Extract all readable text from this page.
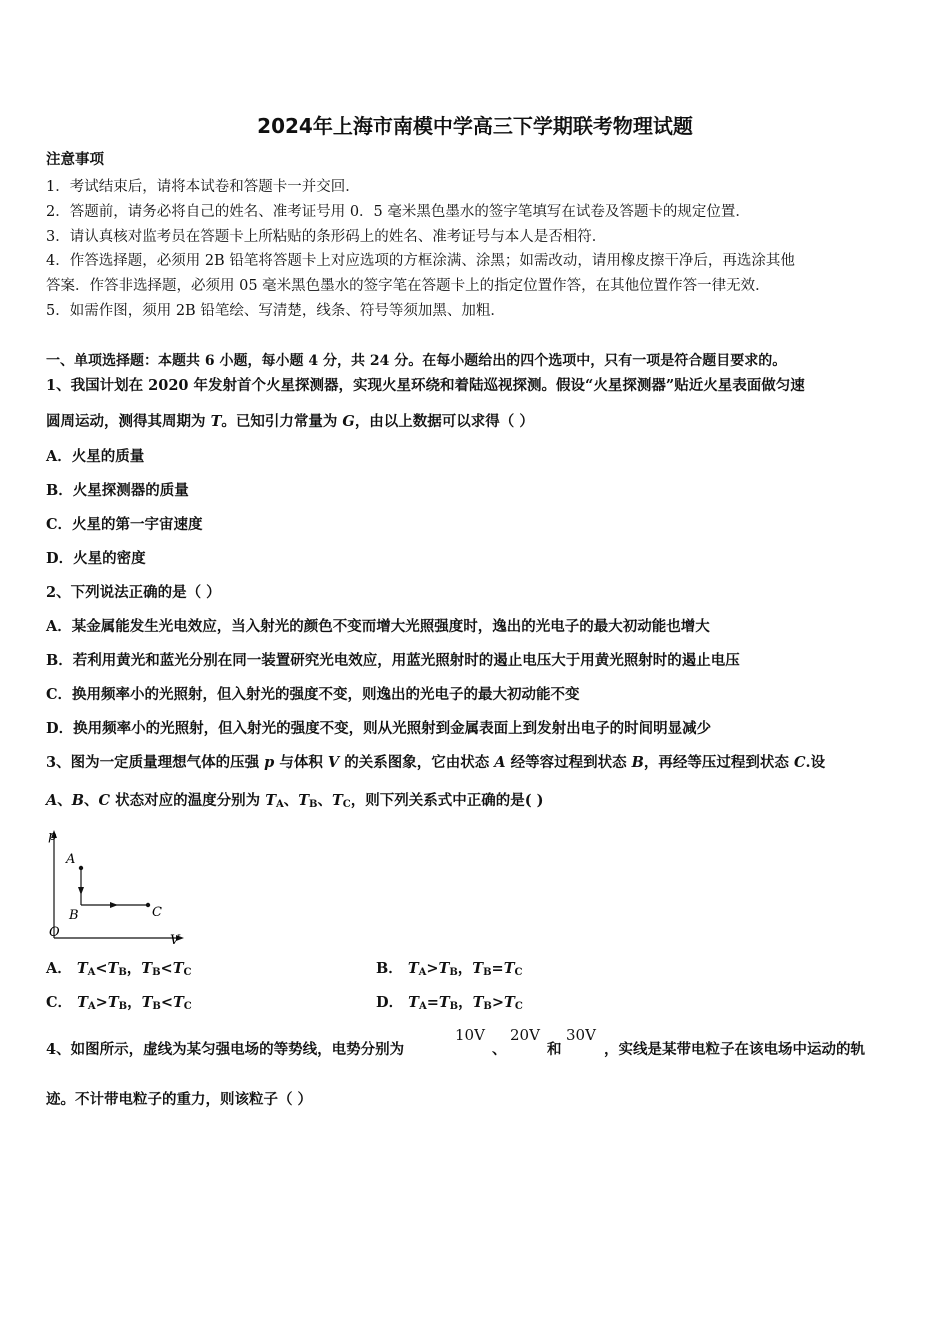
2024年上海市南模中学高三下学期联考物理试题
注意事项
1．考试结束后，请将本试卷和答题卡一并交回．
2．答题前，请务必将自己的姓名、准考证号用 0．5 毫米黑色墨水的签字笔填写在试卷及答题卡的规定位置．
3．请认真核对监考员在答题卡上所粘贴的条形码上的姓名、准考证号与本人是否相符．
4．作答选择题，必须用 2B 铅笔将答题卡上对应选项的方框涂满、涂黑；如需改动，请用橡皮擦干净后，再选涂其他
答案．作答非选择题，必须用 05 毫米黑色墨水的签字笔在答题卡上的指定位置作答，在其他位置作答一律无效．
5．如需作图，须用 2B 铅笔绘、写清楚，线条、符号等须加黑、加粗．
一、单项选择题：本题共 6 小题，每小题 4 分，共 24 分。在每小题给出的四个选项中，只有一项是符合题目要求的。
1、我国计划在 2020 年发射首个火星探测器，实现火星环绕和着陆巡视探测。假设“火星探测器”贴近火星表面做匀速
圆周运动，测得其周期为 T。已知引力常量为 G，由以上数据可以求得（ ）
A．火星的质量
B．火星探测器的质量
C．火星的第一宇宙速度
D．火星的密度
2、下列说法正确的是（ ）
A．某金属能发生光电效应，当入射光的颜色不变而增大光照强度时，逸出的光电子的最大初动能也增大
B．若利用黄光和蓝光分别在同一装置研究光电效应，用蓝光照射时的遏止电压大于用黄光照射时的遏止电压
C．换用频率小的光照射，但入射光的强度不变，则逸出的光电子的最大初动能不变
D．换用频率小的光照射，但入射光的强度不变，则从光照射到金属表面上到发射出电子的时间明显减少
3、图为一定质量理想气体的压强 p 与体积 V 的关系图象，它由状态 A 经等容过程到状态 B，再经等压过程到状态 C.设
A、B、C 状态对应的温度分别为 $T_A$、$T_B$、$T_C$，则下列关系式中正确的是( )
p
V
O
A
B	C
A． $T_A<T_B$，$T_B<T_C$	B． $T_A>T_B$，$T_B=T_C$
C． $T_A>T_B$，$T_B<T_C$	D． $T_A=T_B$，$T_B>T_C$
4、如图所示，虚线为某匀强电场的等势线，电势分别为
10V
、
20V
和
30V
，实线是某带电粒子在该电场中运动的轨
迹。不计带电粒子的重力，则该粒子（ ）
